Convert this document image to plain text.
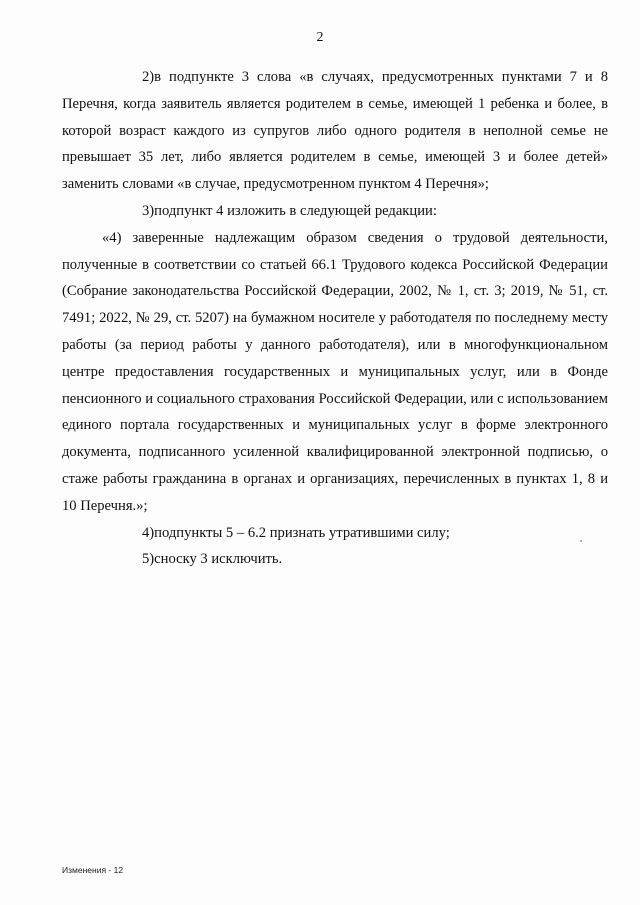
2

2)в подпункте 3 слова «в случаях, предусмотренных пунктами 7 и 8 Перечня, когда заявитель является родителем в семье, имеющей 1 ребенка и более, в которой возраст каждого из супругов либо одного родителя в неполной семье не превышает 35 лет, либо является родителем в семье, имеющей 3 и более детей» заменить словами «в случае, предусмотренном пунктом 4 Перечня»;

3)подпункт 4 изложить в следующей редакции:

«4) заверенные надлежащим образом сведения о трудовой деятельности, полученные в соответствии со статьей 66.1 Трудового кодекса Российской Федерации (Собрание законодательства Российской Федерации, 2002, № 1, ст. 3; 2019, № 51, ст. 7491; 2022, № 29, ст. 5207) на бумажном носителе у работодателя по последнему месту работы (за период работы у данного работодателя), или в многофункциональном центре предоставления государственных и муниципальных услуг, или в Фонде пенсионного и социального страхования Российской Федерации, или с использованием единого портала государственных и муниципальных услуг в форме электронного документа, подписанного усиленной квалифицированной электронной подписью, о стаже работы гражданина в органах и организациях, перечисленных в пунктах 1, 8 и 10 Перечня.»;

4)подпункты 5 – 6.2 признать утратившими силу;

5)сноску 3 исключить.

Изменения - 12
